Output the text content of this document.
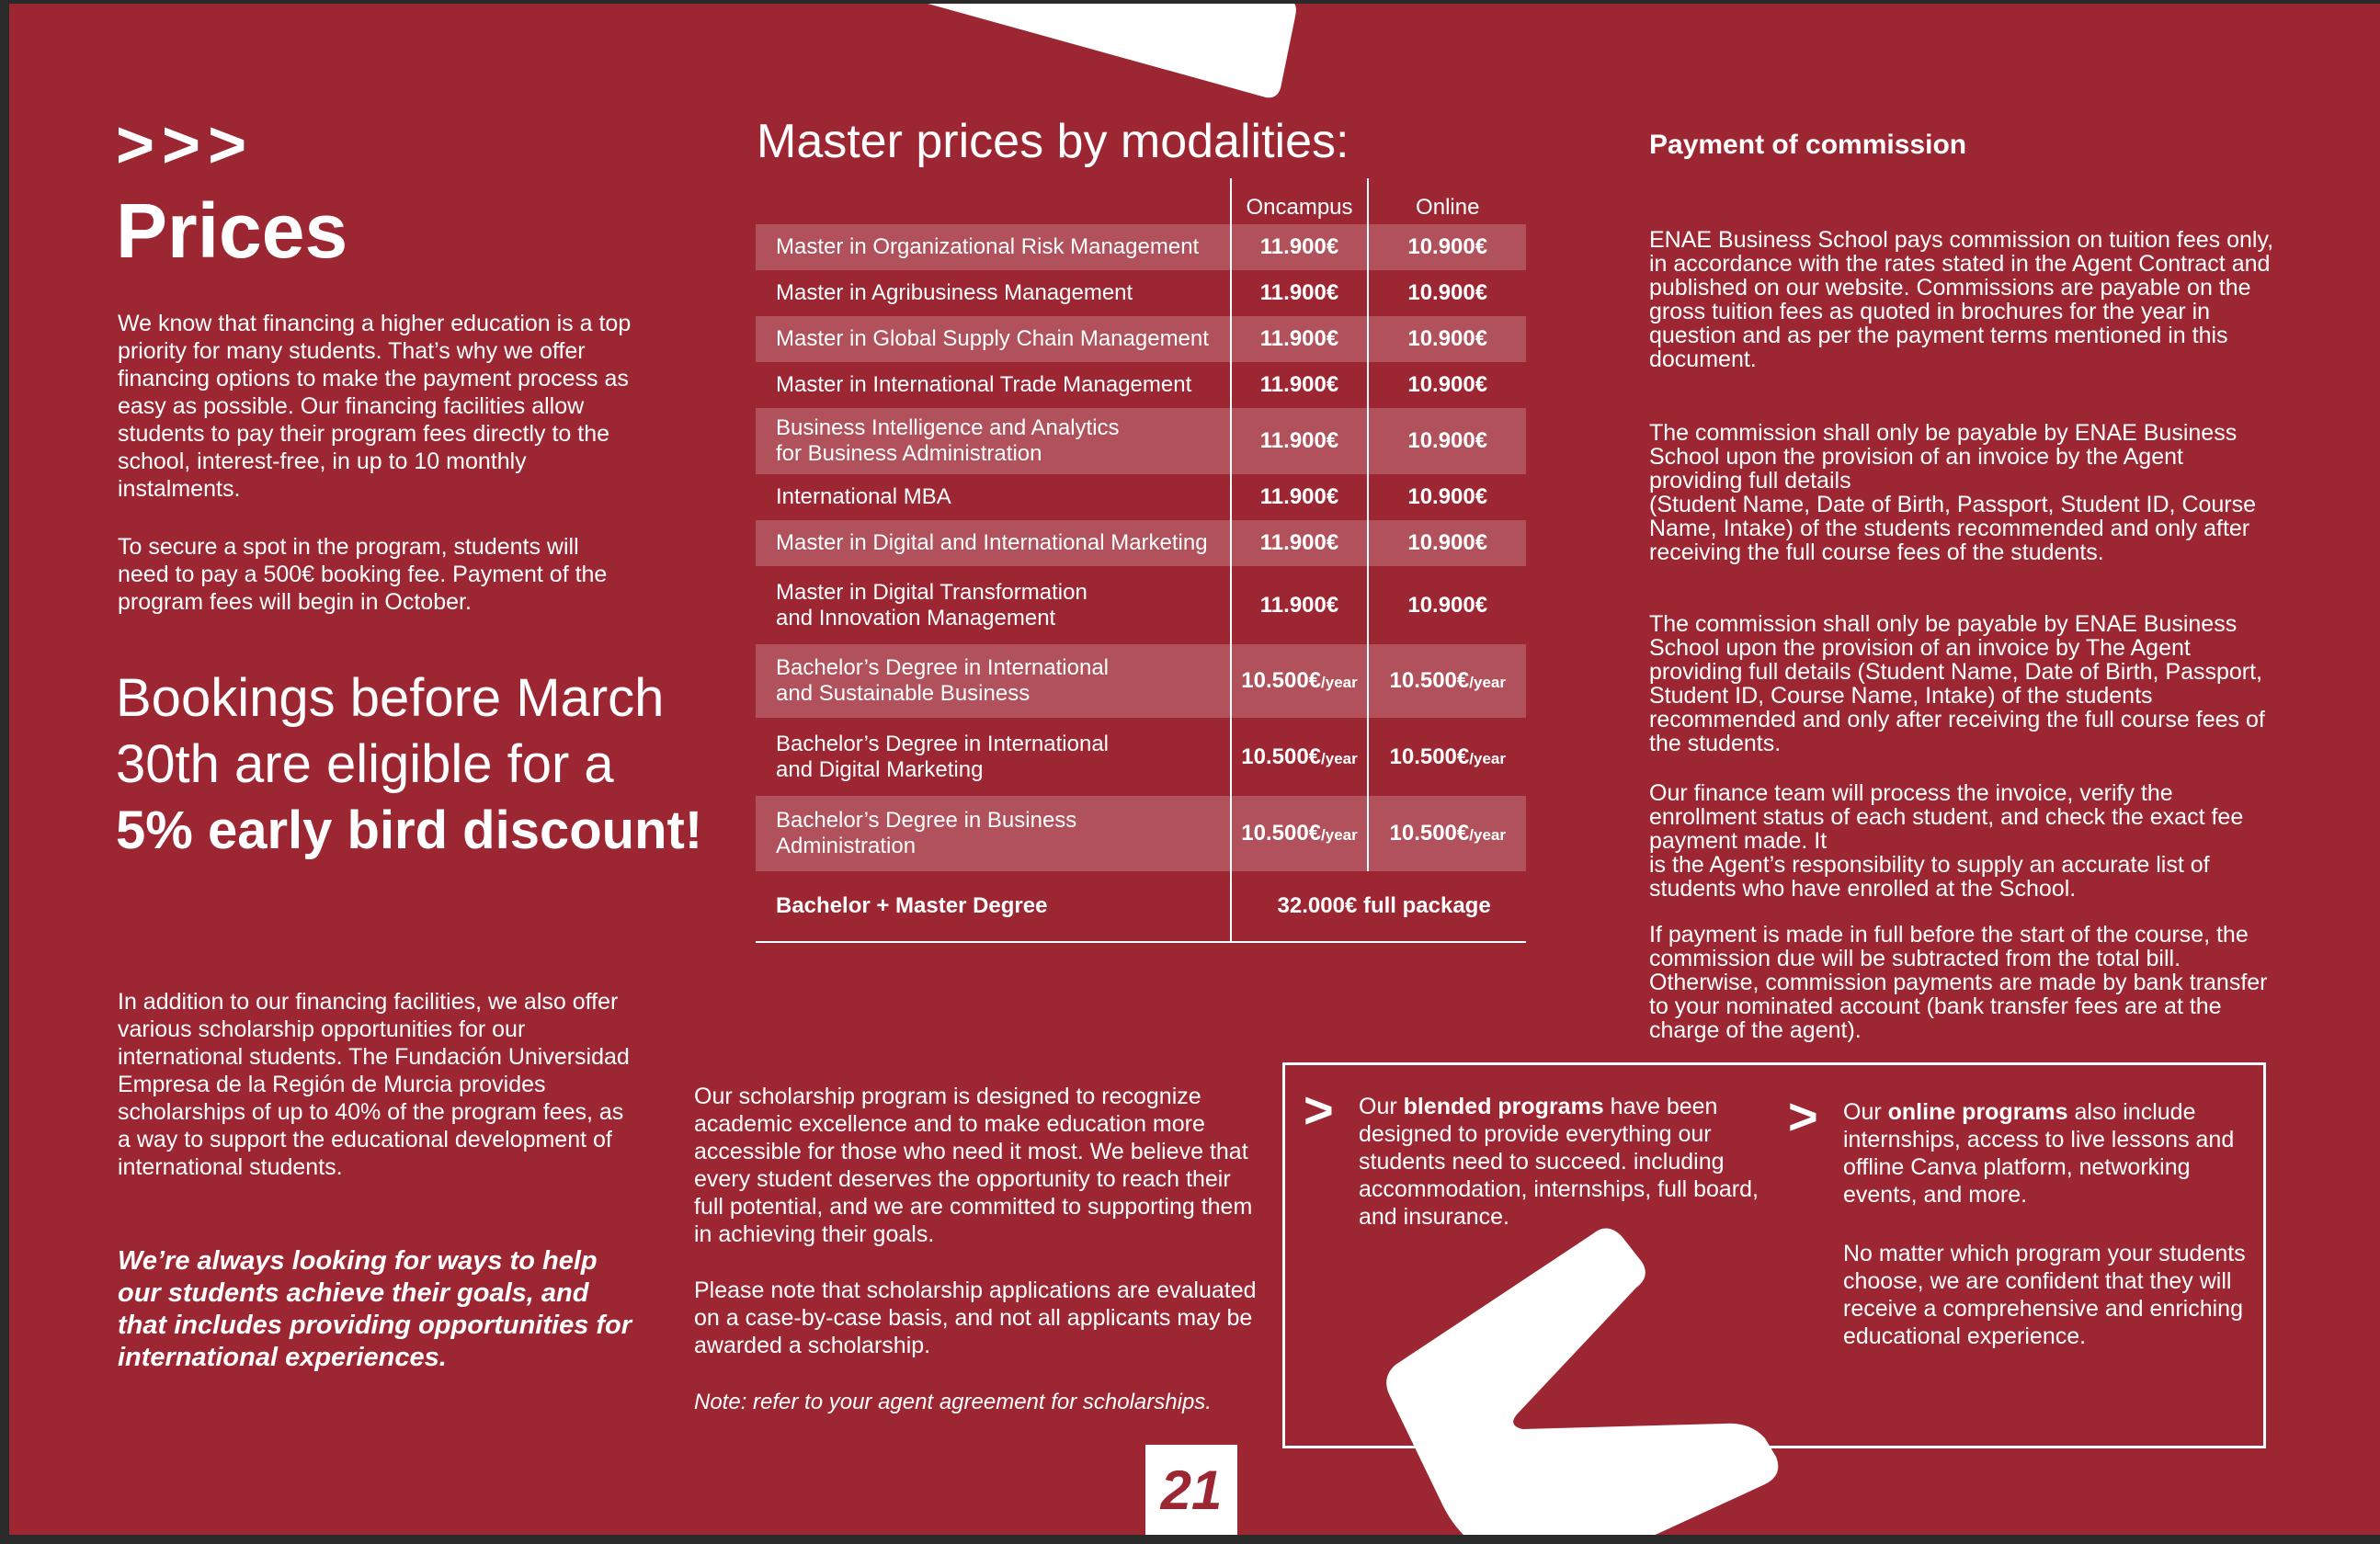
>>>
Prices
We know that financing a higher education is a top priority for many students. That’s why we offer financing options to make the payment process as easy as possible. Our financing facilities allow students to pay their program fees directly to the school, interest-free, in up to 10 monthly instalments.
To secure a spot in the program, students will need to pay a 500€ booking fee. Payment of the program fees will begin in October.
Bookings before March 30th are eligible for a 5% early bird discount!
In addition to our financing facilities, we also offer various scholarship opportunities for our international students. The Fundación Universidad Empresa de la Región de Murcia provides scholarships of up to 40% of the program fees, as a way to support the educational development of international students.
We’re always looking for ways to help our students achieve their goals, and that includes providing opportunities for international experiences.
Master prices by modalities:
	Oncampus	Online
Master in Organizational Risk Management	11.900€	10.900€
Master in Agribusiness Management	11.900€	10.900€
Master in Global Supply Chain Management	11.900€	10.900€
Master in International Trade Management	11.900€	10.900€
Business Intelligence and Analytics
for Business Administration	11.900€	10.900€
International MBA	11.900€	10.900€
Master in Digital and International Marketing	11.900€	10.900€
Master in Digital Transformation
and Innovation Management	11.900€	10.900€
Bachelor’s Degree in International
and Sustainable Business	10.500€/year	10.500€/year
Bachelor’s Degree in International
and Digital Marketing	10.500€/year	10.500€/year
Bachelor’s Degree in Business
Administration	10.500€/year	10.500€/year
Bachelor + Master Degree	32.000€ full package	
Our scholarship program is designed to recognize academic excellence and to make education more accessible for those who need it most. We believe that every student deserves the opportunity to reach their full potential, and we are committed to supporting them in achieving their goals.
Please note that scholarship applications are evaluated on a case-by-case basis, and not all applicants may be awarded a scholarship.
Note: refer to your agent agreement for scholarships.
21
Payment of commission
ENAE Business School pays commission on tuition fees only, in accordance with the rates stated in the Agent Contract and published on our website. Commissions are payable on the
gross tuition fees as quoted in brochures for the year in question and as per the payment terms mentioned in this document.
The commission shall only be payable by ENAE Business School upon the provision of an invoice by the Agent providing full details
(Student Name, Date of Birth, Passport, Student ID, Course Name, Intake) of the students recommended and only after receiving the full course fees of the students.
The commission shall only be payable by ENAE Business School upon the provision of an invoice by The Agent providing full details (Student Name, Date of Birth, Passport, Student ID, Course Name, Intake) of the students recommended and only after receiving the full course fees of the students.
Our finance team will process the invoice, verify the enrollment status of each student, and check the exact fee payment made. It
is the Agent’s responsibility to supply an accurate list of students who have enrolled at the School.
If payment is made in full before the start of the course, the commission due will be subtracted from the total bill. Otherwise, commission payments are made by bank transfer to your nominated account (bank transfer fees are at the charge of the agent).
>	>
Our blended programs have been designed to provide everything our students need to succeed. including accommodation, internships, full board, and insurance.
Our online programs also include internships, access to live lessons and offline Canva platform, networking events, and more.
No matter which program your students choose, we are confident that they will receive a comprehensive and enriching educational experience.
